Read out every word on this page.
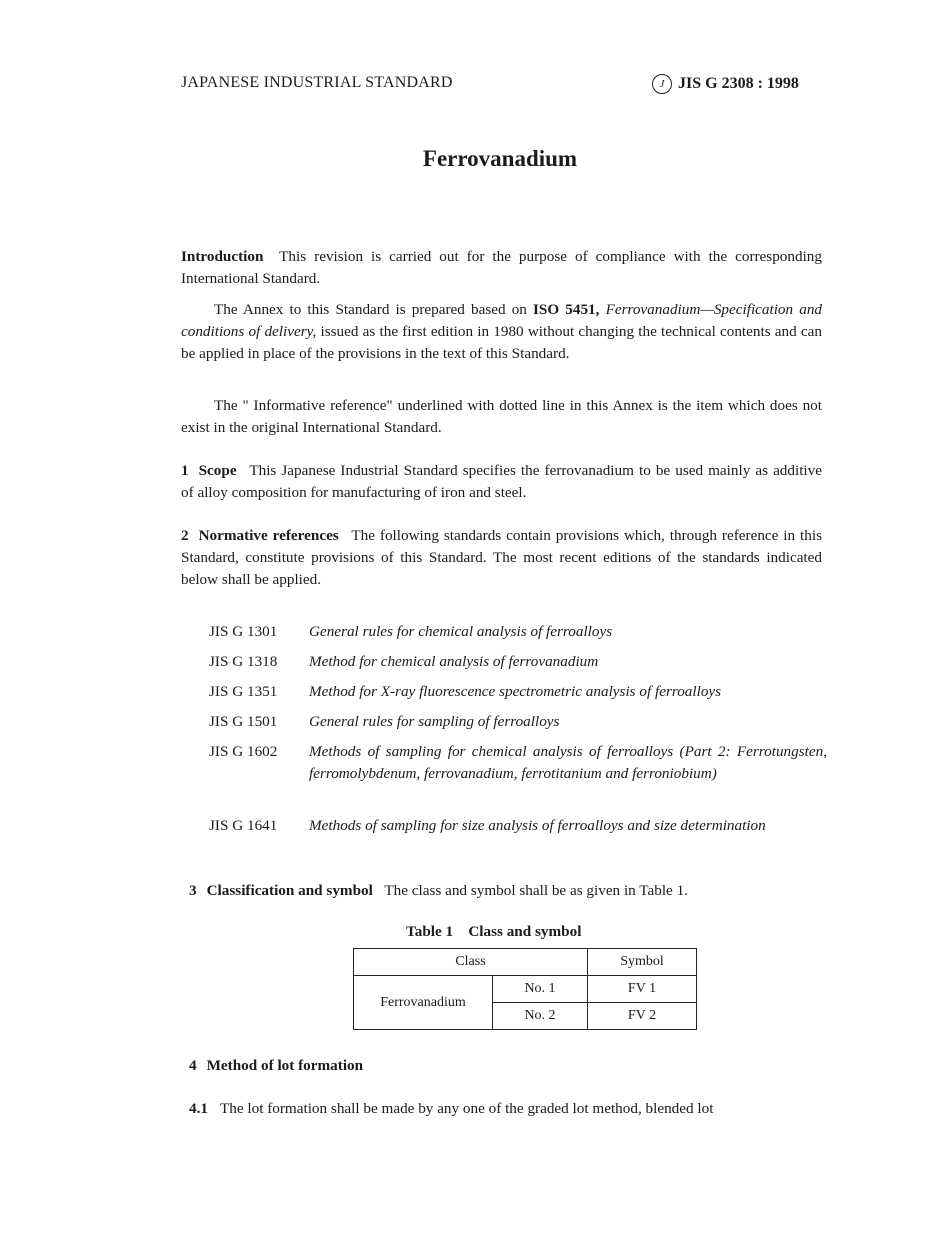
JAPANESE INDUSTRIAL STANDARD	J JIS G 2308 : 1998
Ferrovanadium
Introduction This revision is carried out for the purpose of compliance with the corresponding International Standard.
The Annex to this Standard is prepared based on ISO 5451, Ferrovanadium—Specification and conditions of delivery, issued as the first edition in 1980 without changing the technical contents and can be applied in place of the provisions in the text of this Standard.
The " Informative reference" underlined with dotted line in this Annex is the item which does not exist in the original International Standard.
1 Scope This Japanese Industrial Standard specifies the ferrovanadium to be used mainly as additive of alloy composition for manufacturing of iron and steel.
2 Normative references The following standards contain provisions which, through reference in this Standard, constitute provisions of this Standard. The most recent editions of the standards indicated below shall be applied.
JIS G 1301	General rules for chemical analysis of ferroalloys
JIS G 1318	Method for chemical analysis of ferrovanadium
JIS G 1351	Method for X-ray fluorescence spectrometric analysis of ferroalloys
JIS G 1501	General rules for sampling of ferroalloys
JIS G 1602	Methods of sampling for chemical analysis of ferroalloys (Part 2: Ferrotungsten, ferromolybdenum, ferrovanadium, ferrotitanium and ferroniobium)
JIS G 1641	Methods of sampling for size analysis of ferroalloys and size determination
3 Classification and symbol The class and symbol shall be as given in Table 1.
Table 1    Class and symbol
Class		Symbol
Ferrovanadium	No. 1	FV 1
	No. 2	FV 2
4 Method of lot formation
4.1 The lot formation shall be made by any one of the graded lot method, blended lot
